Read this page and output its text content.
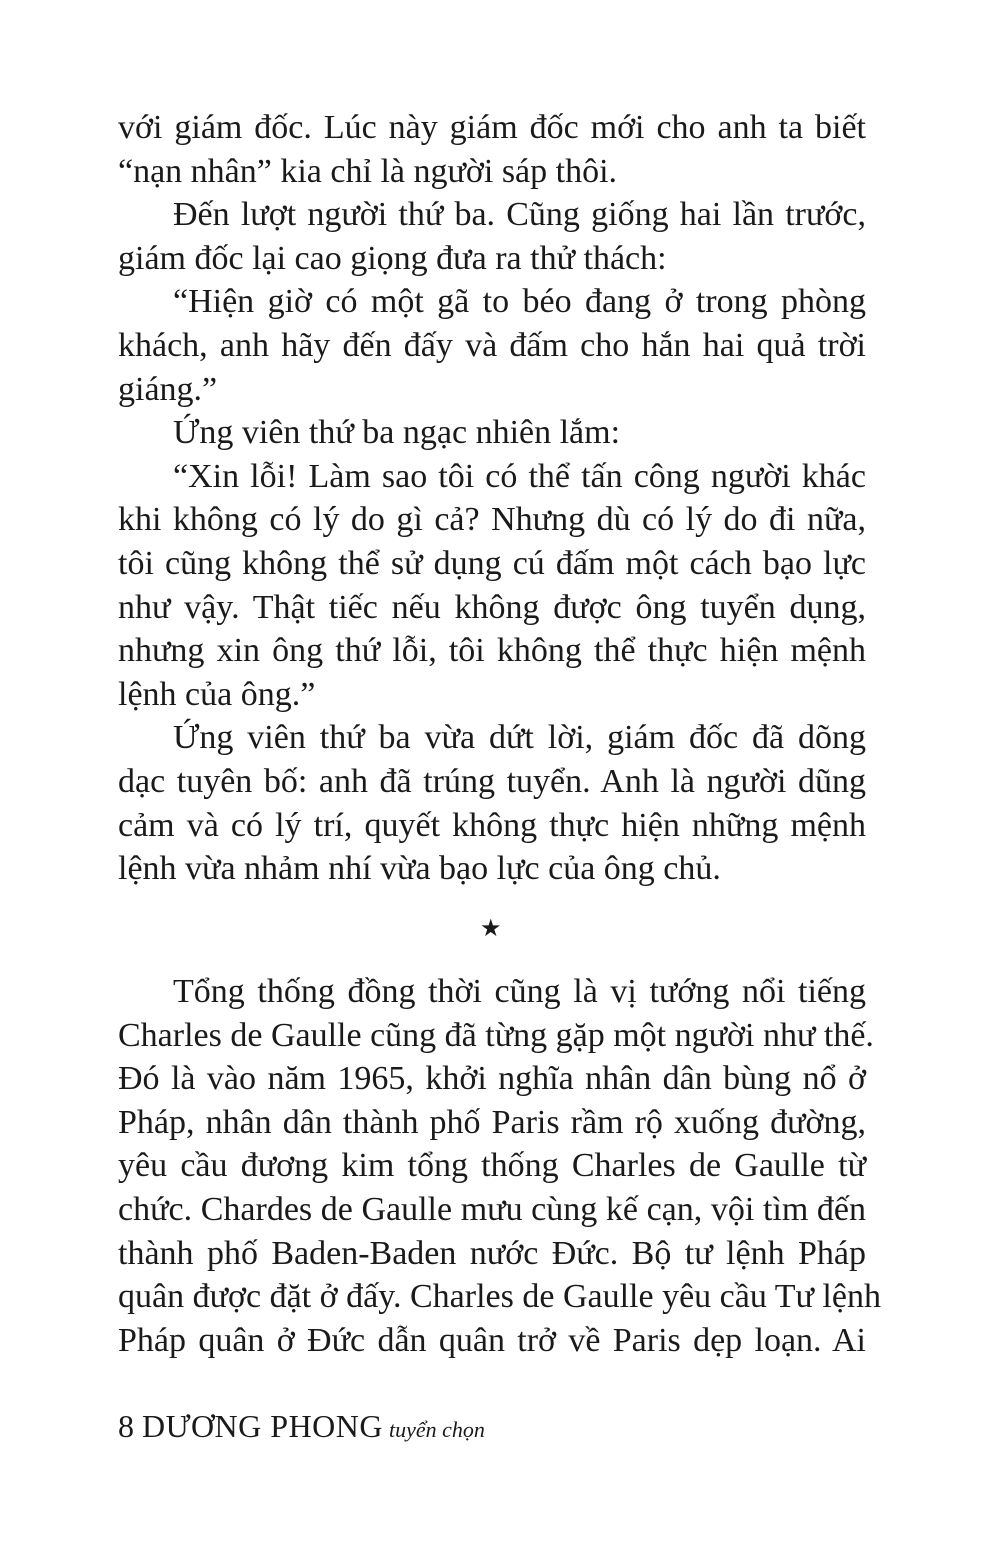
với giám đốc. Lúc này giám đốc mới cho anh ta biết
“nạn nhân” kia chỉ là người sáp thôi.
Đến lượt người thứ ba. Cũng giống hai lần trước,
giám đốc lại cao giọng đưa ra thử thách:
“Hiện giờ có một gã to béo đang ở trong phòng
khách, anh hãy đến đấy và đấm cho hắn hai quả trời
giáng.”
Ứng viên thứ ba ngạc nhiên lắm:
“Xin lỗi! Làm sao tôi có thể tấn công người khác
khi không có lý do gì cả? Nhưng dù có lý do đi nữa,
tôi cũng không thể sử dụng cú đấm một cách bạo lực
như vậy. Thật tiếc nếu không được ông tuyển dụng,
nhưng xin ông thứ lỗi, tôi không thể thực hiện mệnh
lệnh của ông.”
Ứng viên thứ ba vừa dứt lời, giám đốc đã dõng
dạc tuyên bố: anh đã trúng tuyển. Anh là người dũng
cảm và có lý trí, quyết không thực hiện những mệnh
lệnh vừa nhảm nhí vừa bạo lực của ông chủ.
★
Tổng thống đồng thời cũng là vị tướng nổi tiếng
Charles de Gaulle cũng đã từng gặp một người như thế.
Đó là vào năm 1965, khởi nghĩa nhân dân bùng nổ ở
Pháp, nhân dân thành phố Paris rầm rộ xuống đường,
yêu cầu đương kim tổng thống Charles de Gaulle từ
chức. Chardes de Gaulle mưu cùng kế cạn, vội tìm đến
thành phố Baden-Baden nước Đức. Bộ tư lệnh Pháp
quân được đặt ở đấy. Charles de Gaulle yêu cầu Tư lệnh
Pháp quân ở Đức dẫn quân trở về Paris dẹp loạn. Ai
8 DƯƠNG PHONG tuyển chọn
